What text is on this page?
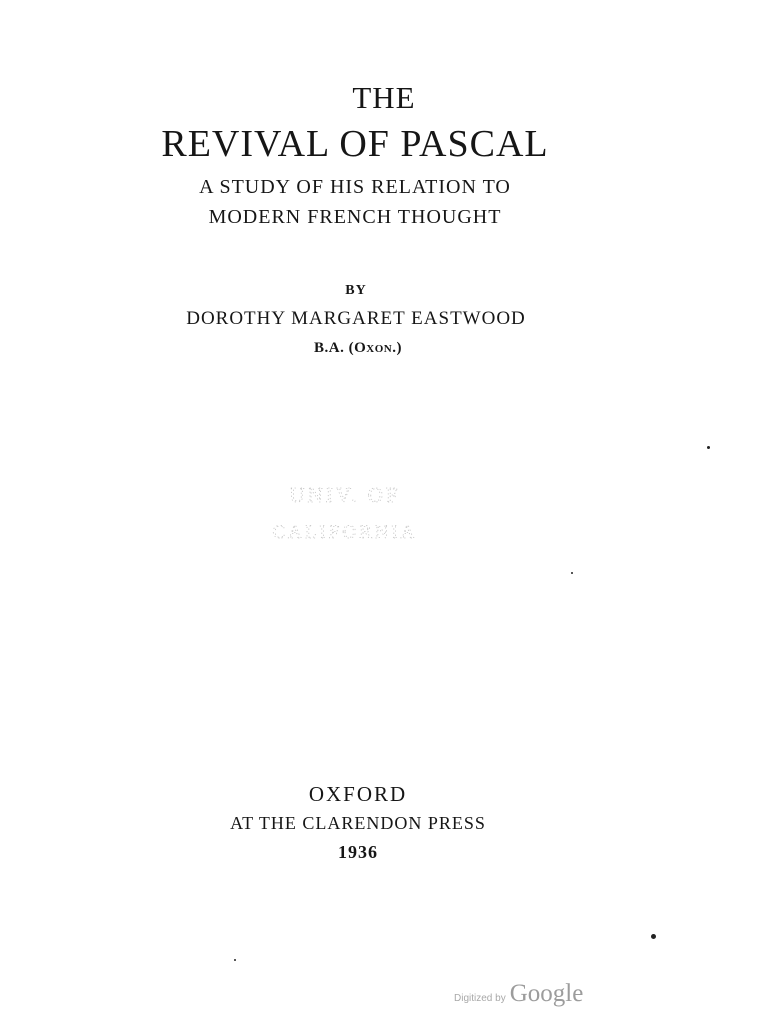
THE
REVIVAL OF PASCAL
A STUDY OF HIS RELATION TO
MODERN FRENCH THOUGHT
BY
DOROTHY MARGARET EASTWOOD
B.A. (OXON.)
UNIV. OF
CALIFORNIA
OXFORD
AT THE CLARENDON PRESS
1936
Digitized by Google
